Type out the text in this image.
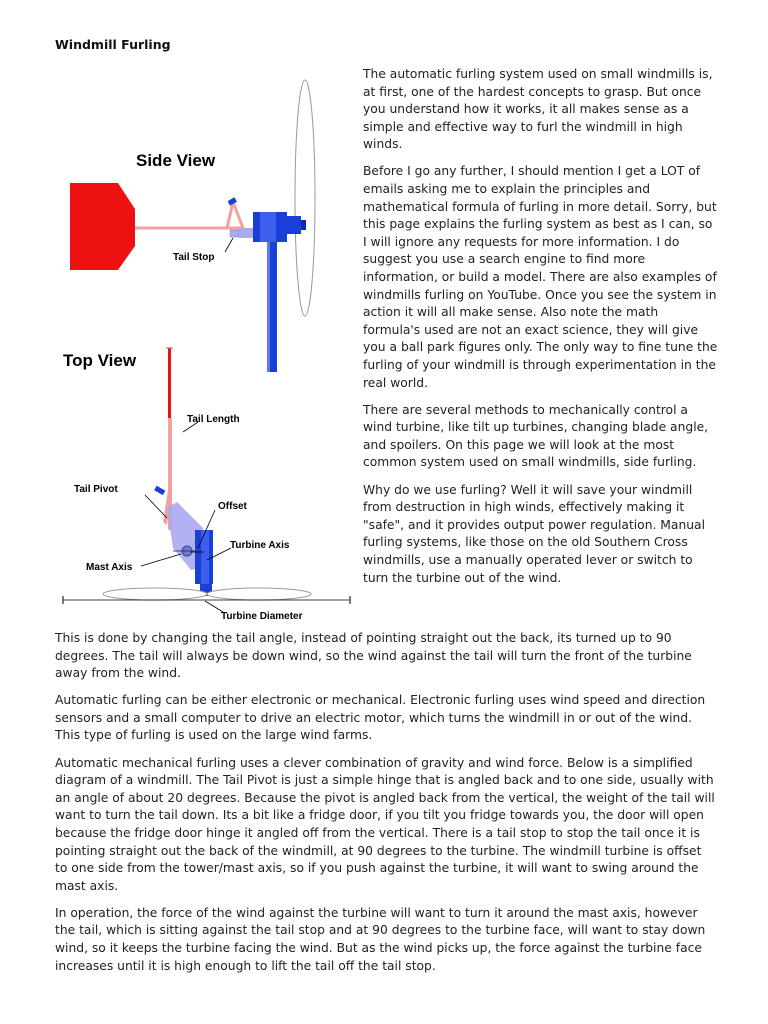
Windmill Furling
Side View
Tail Stop
Top View
Tail Length
Tail Pivot
Mast Axis
Offset
Turbine Axis
Turbine Diameter

The automatic furling system used on small windmills is, at first, one of the hardest concepts to grasp. But once you understand how it works, it all makes sense as a simple and effective way to furl the windmill in high winds.

Before I go any further, I should mention I get a LOT of emails asking me to explain the principles and mathematical formula of furling in more detail. Sorry, but this page explains the furling system as best as I can, so I will ignore any requests for more information. I do suggest you use a search engine to find more information, or build a model. There are also examples of windmills furling on YouTube. Once you see the system in action it will all make sense. Also note the math formula's used are not an exact science, they will give you a ball park figures only. The only way to fine tune the furling of your windmill is through experimentation in the real world.

There are several methods to mechanically control a wind turbine, like tilt up turbines, changing blade angle, and spoilers. On this page we will look at the most common system used on small windmills, side furling.

Why do we use furling? Well it will save your windmill from destruction in high winds, effectively making it "safe", and it provides output power regulation. Manual furling systems, like those on the old Southern Cross windmills, use a manually operated lever or switch to turn the turbine out of the wind.

This is done by changing the tail angle, instead of pointing straight out the back, its turned up to 90 degrees. The tail will always be down wind, so the wind against the tail will turn the front of the turbine away from the wind.

Automatic furling can be either electronic or mechanical. Electronic furling uses wind speed and direction sensors and a small computer to drive an electric motor, which turns the windmill in or out of the wind. This type of furling is used on the large wind farms.

Automatic mechanical furling uses a clever combination of gravity and wind force. Below is a simplified diagram of a windmill. The Tail Pivot is just a simple hinge that is angled back and to one side, usually with an angle of about 20 degrees. Because the pivot is angled back from the vertical, the weight of the tail will want to turn the tail down. Its a bit like a fridge door, if you tilt you fridge towards you, the door will open because the fridge door hinge it angled off from the vertical. There is a tail stop to stop the tail once it is pointing straight out the back of the windmill, at 90 degrees to the turbine. The windmill turbine is offset to one side from the tower/mast axis, so if you push against the turbine, it will want to swing around the mast axis.

In operation, the force of the wind against the turbine will want to turn it around the mast axis, however the tail, which is sitting against the tail stop and at 90 degrees to the turbine face, will want to stay down wind, so it keeps the turbine facing the wind. But as the wind picks up, the force against the turbine face increases until it is high enough to lift the tail off the tail stop.
